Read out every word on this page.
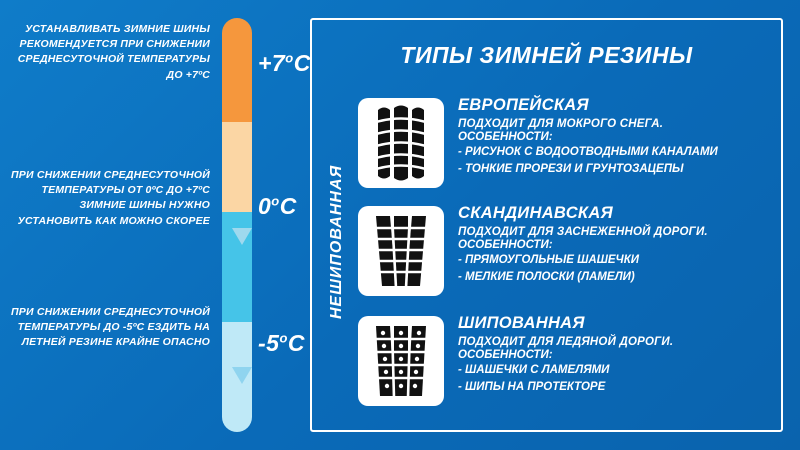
УСТАНАВЛИВАТЬ ЗИМНИЕ ШИНЫ РЕКОМЕНДУЕТСЯ ПРИ СНИЖЕНИИ СРЕДНЕСУТОЧНОЙ ТЕМПЕРАТУРЫ ДО +7ºC
ПРИ СНИЖЕНИИ СРЕДНЕСУТОЧНОЙ ТЕМПЕРАТУРЫ ОТ 0ºC ДО +7ºC ЗИМНИЕ ШИНЫ НУЖНО УСТАНОВИТЬ КАК МОЖНО СКОРЕЕ
ПРИ СНИЖЕНИИ СРЕДНЕСУТОЧНОЙ ТЕМПЕРАТУРЫ ДО -5ºC ЕЗДИТЬ НА ЛЕТНЕЙ РЕЗИНЕ КРАЙНЕ ОПАСНО
$+7^oС$
0$^o$С
-5$^o$С
ТИПЫ ЗИМНЕЙ РЕЗИНЫ
НЕШИПОВАННАЯ
ЕВРОПЕЙСКАЯ
ПОДХОДИТ ДЛЯ МОКРОГО СНЕГА.
ОСОБЕННОСТИ:
- РИСУНОК С ВОДООТВОДНЫМИ КАНАЛАМИ
- ТОНКИЕ ПРОРЕЗИ И ГРУНТОЗАЦЕПЫ
СКАНДИНАВСКАЯ
ПОДХОДИТ ДЛЯ ЗАСНЕЖЕННОЙ ДОРОГИ.
ОСОБЕННОСТИ:
- ПРЯМОУГОЛЬНЫЕ ШАШЕЧКИ
- МЕЛКИЕ ПОЛОСКИ (ЛАМЕЛИ)
ШИПОВАННАЯ
ПОДХОДИТ ДЛЯ ЛЕДЯНОЙ ДОРОГИ.
ОСОБЕННОСТИ:
- ШАШЕЧКИ С ЛАМЕЛЯМИ
- ШИПЫ НА ПРОТЕКТОРЕ
